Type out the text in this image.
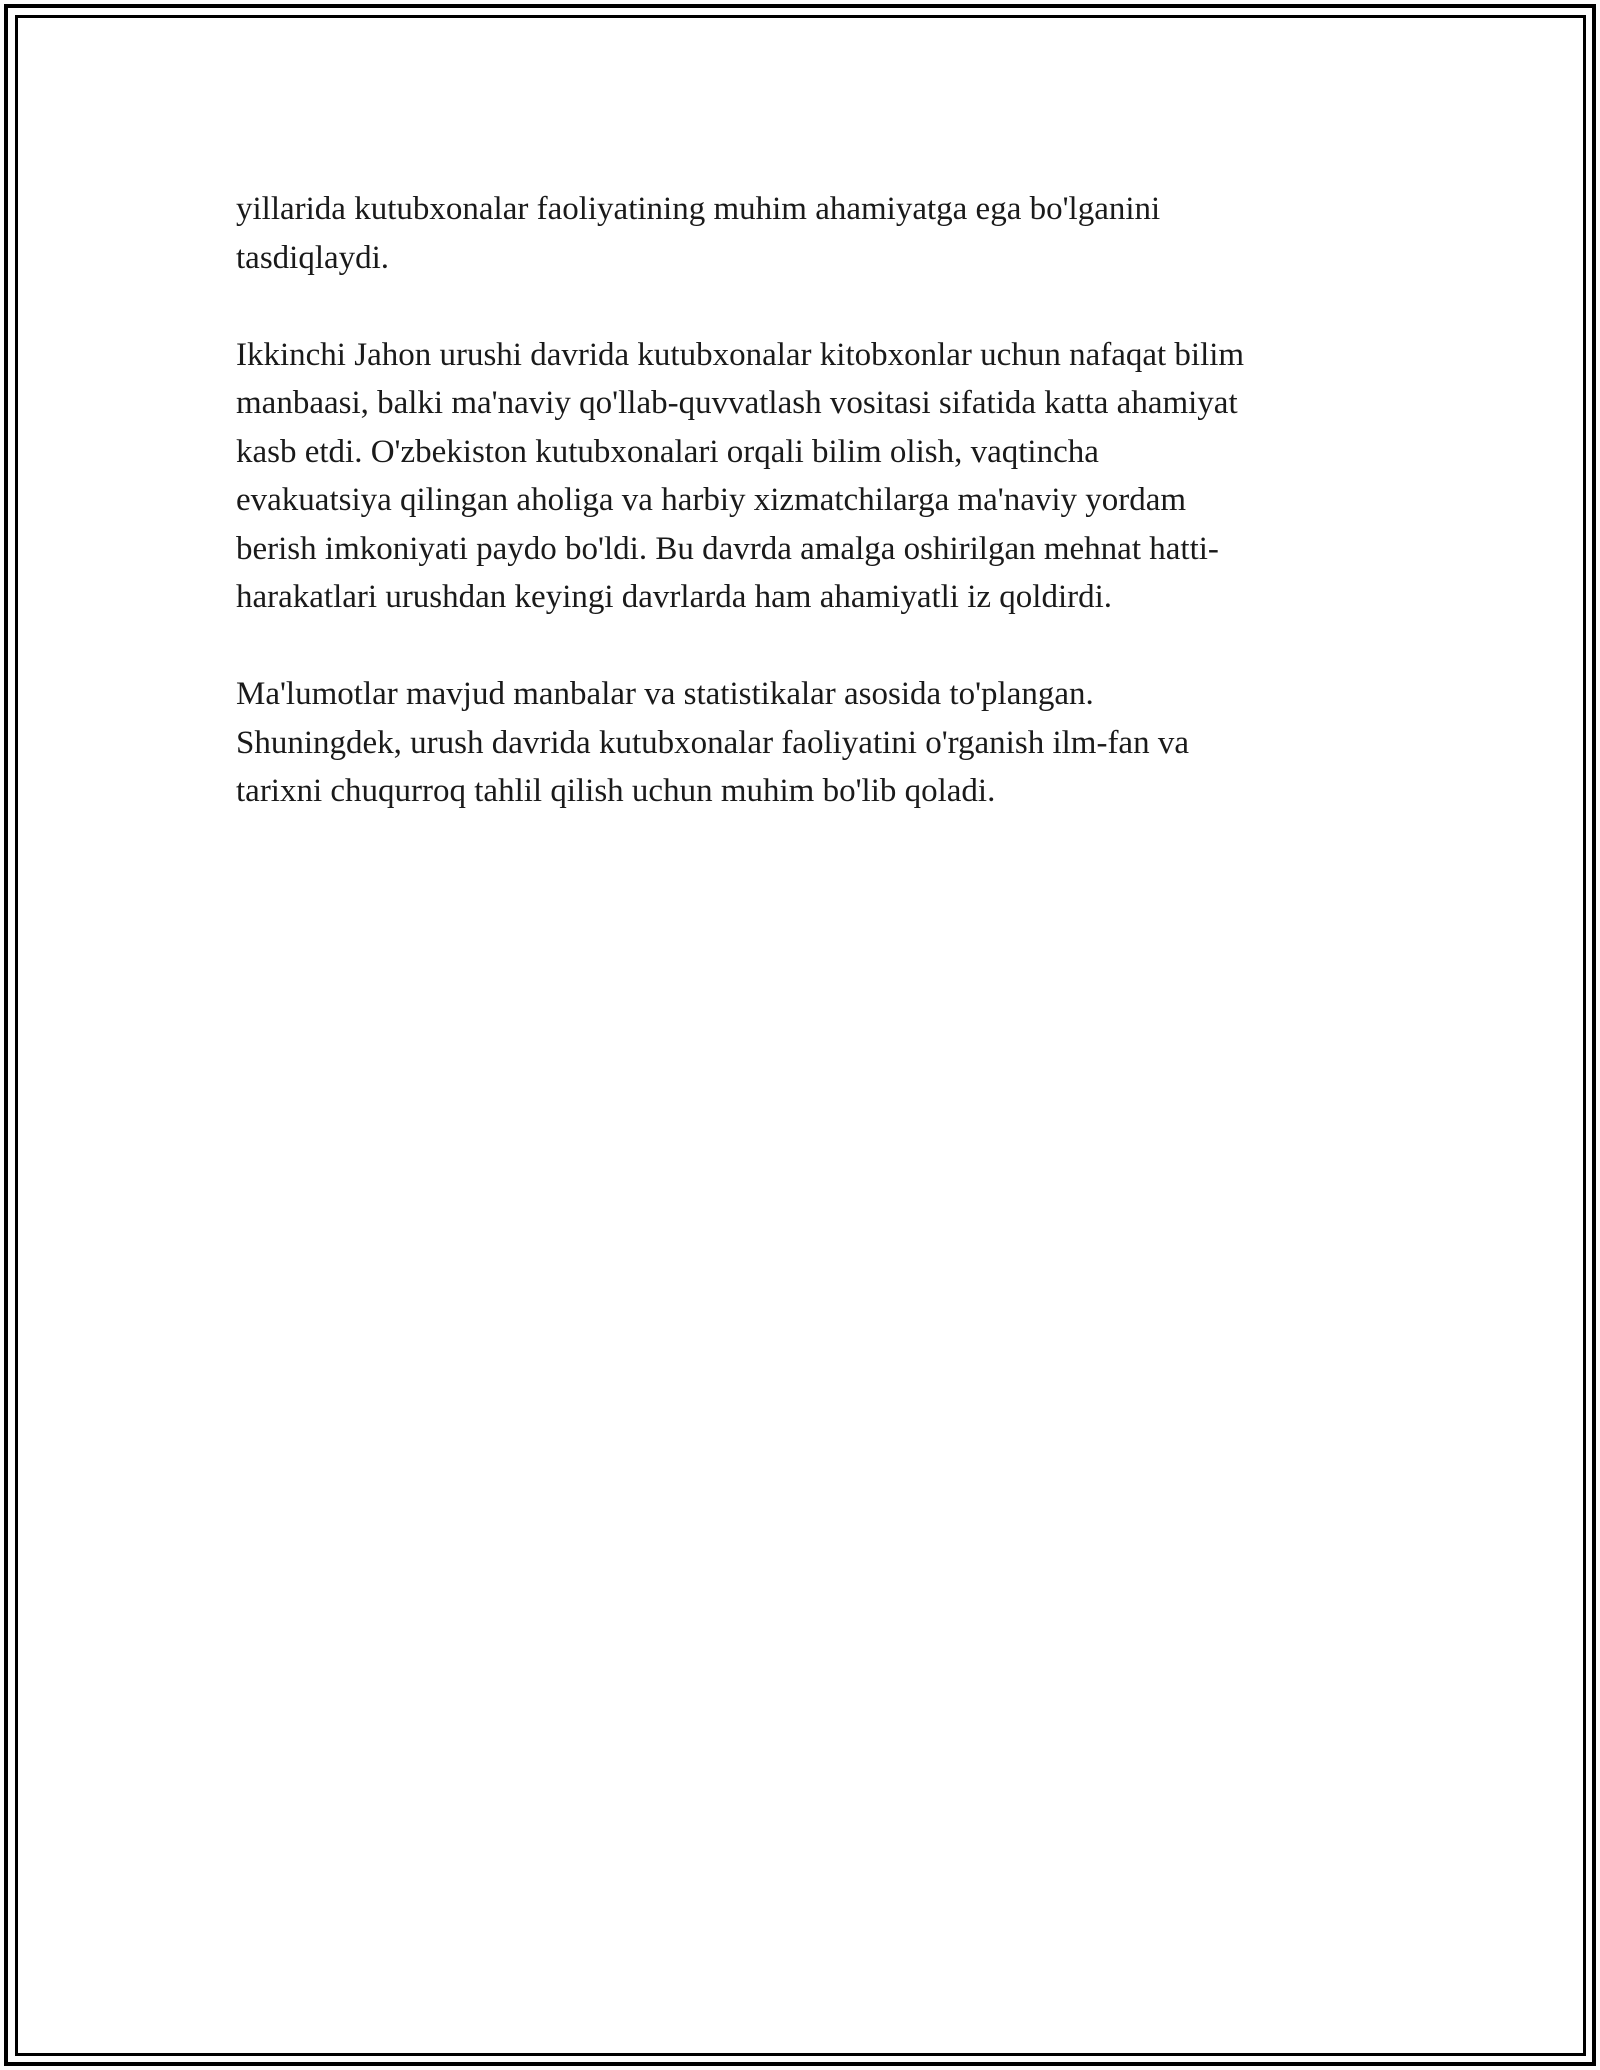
yillarida kutubxonalar faoliyatining muhim ahamiyatga ega bo'lganini
tasdiqlaydi.

Ikkinchi Jahon urushi davrida kutubxonalar kitobxonlar uchun nafaqat bilim
manbaasi, balki ma'naviy qo'llab-quvvatlash vositasi sifatida katta ahamiyat
kasb etdi. O'zbekiston kutubxonalari orqali bilim olish, vaqtincha
evakuatsiya qilingan aholiga va harbiy xizmatchilarga ma'naviy yordam
berish imkoniyati paydo bo'ldi. Bu davrda amalga oshirilgan mehnat hatti-
harakatlari urushdan keyingi davrlarda ham ahamiyatli iz qoldirdi.

Ma'lumotlar mavjud manbalar va statistikalar asosida to'plangan.
Shuningdek, urush davrida kutubxonalar faoliyatini o'rganish ilm-fan va
tarixni chuqurroq tahlil qilish uchun muhim bo'lib qoladi.
